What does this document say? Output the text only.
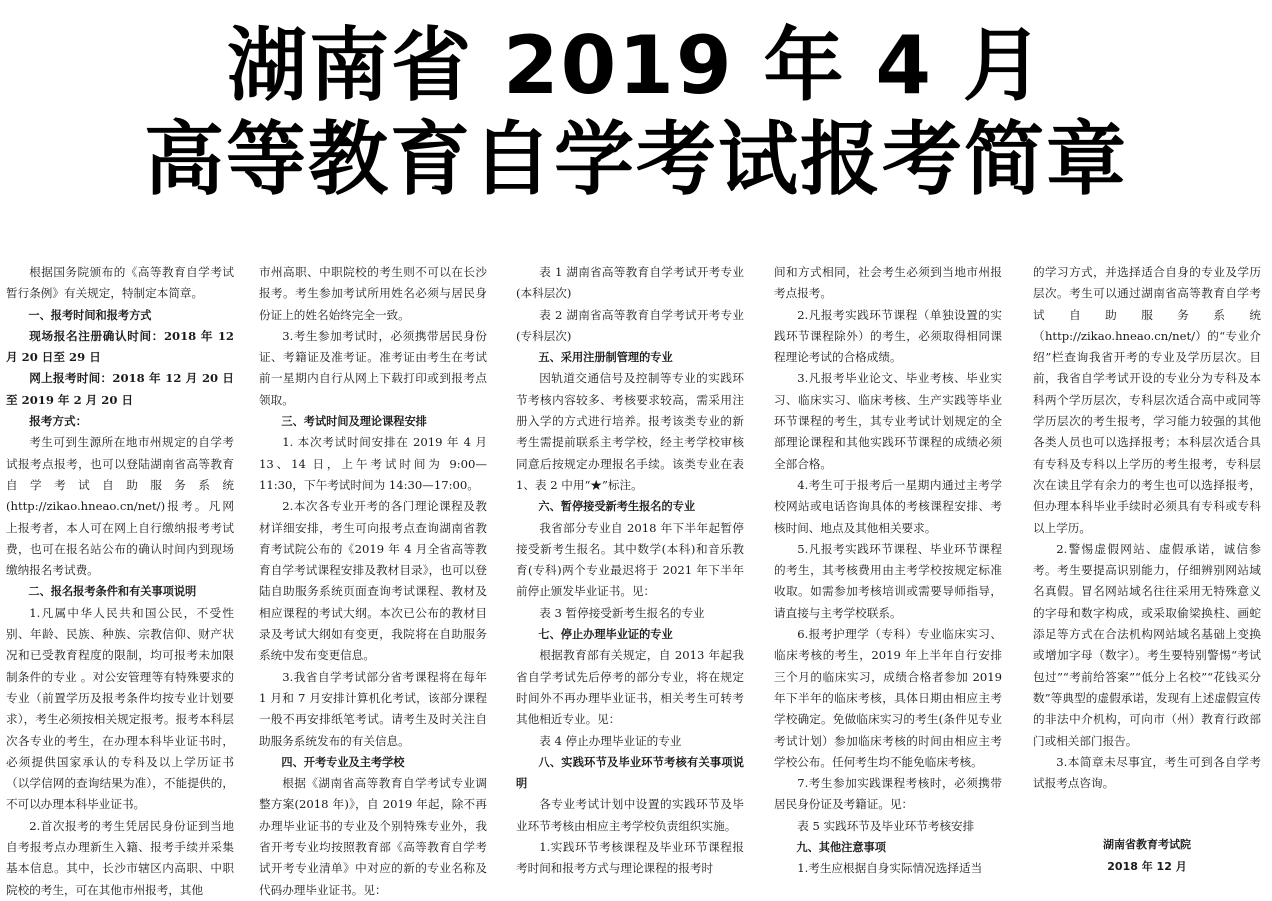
湖南省 2019 年 4 月
高等教育自学考试报考简章

根据国务院颁布的《高等教育自学考试暂行条例》有关规定，特制定本简章。

一、报考时间和报考方式

现场报名注册确认时间：2018 年 12 月 20 日至 29 日

网上报考时间：2018 年 12 月 20 日至 2019 年 2 月 20 日

报考方式：

考生可到生源所在地市州规定的自学考试报考点报考，也可以登陆湖南省高等教育自学考试自助服务系统(http://zikao.hneao.cn/net/)报考。凡网上报考者，本人可在网上自行缴纳报考考试费，也可在报名站公布的确认时间内到现场缴纳报名考试费。

二、报名报考条件和有关事项说明

1.凡属中华人民共和国公民，不受性别、年龄、民族、种族、宗教信仰、财产状况和已受教育程度的限制，均可报考未加限制条件的专业 。对公安管理等有特殊要求的专业（前置学历及报考条件均按专业计划要求），考生必须按相关规定报考。报考本科层次各专业的考生，在办理本科毕业证书时，必须提供国家承认的专科及以上学历证书（以学信网的查询结果为准），不能提供的，不可以办理本科毕业证书。

2.首次报考的考生凭居民身份证到当地自考报考点办理新生入籍、报考手续并采集基本信息。其中，长沙市辖区内高职、中职院校的考生，可在其他市州报考，其他

市州高职、中职院校的考生则不可以在长沙报考。考生参加考试所用姓名必须与居民身份证上的姓名始终完全一致。

3.考生参加考试时，必须携带居民身份证、考籍证及准考证。准考证由考生在考试前一星期内自行从网上下载打印或到报考点领取。

三、考试时间及理论课程安排

1. 本次考试时间安排在 2019 年 4 月 13、14 日，上午考试时间为 9:00—11:30，下午考试时间为 14:30—17:00。

2.本次各专业开考的各门理论课程及教材详细安排，考生可向报考点查询湖南省教育考试院公布的《2019 年 4 月全省高等教育自学考试课程安排及教材目录》，也可以登陆自助服务系统页面查询考试课程、教材及相应课程的考试大纲。本次已公布的教材目录及考试大纲如有变更，我院将在自助服务系统中发布变更信息。

3.我省自学考试部分省考课程将在每年 1 月和 7 月安排计算机化考试，该部分课程一般不再安排纸笔考试。请考生及时关注自助服务系统发布的有关信息。

四、开考专业及主考学校

根据《湖南省高等教育自学考试专业调整方案(2018 年)》，自 2019 年起，除不再办理毕业证书的专业及个别特殊专业外，我省开考专业均按照教育部《高等教育自学考试开考专业清单》中对应的新的专业名称及代码办理毕业证书。见：

表 1 湖南省高等教育自学考试开考专业(本科层次)

表 2 湖南省高等教育自学考试开考专业(专科层次)

五、采用注册制管理的专业

因轨道交通信号及控制等专业的实践环节考核内容较多、考核要求较高，需采用注册入学的方式进行培养。报考该类专业的新考生需提前联系主考学校，经主考学校审核同意后按规定办理报名手续。该类专业在表 1、表 2 中用“★”标注。

六、暂停接受新考生报名的专业

我省部分专业自 2018 年下半年起暂停接受新考生报名。其中数学(本科)和音乐教育(专科)两个专业最迟将于 2021 年下半年前停止颁发毕业证书。见：

表 3 暂停接受新考生报名的专业

七、停止办理毕业证的专业

根据教育部有关规定，自 2013 年起我省自学考试先后停考的部分专业，将在规定时间外不再办理毕业证书，相关考生可转考其他相近专业。见：

表 4 停止办理毕业证的专业

八、实践环节及毕业环节考核有关事项说明

各专业考试计划中设置的实践环节及毕业环节考核由相应主考学校负责组织实施。

1.实践环节考核课程及毕业环节课程报考时间和报考方式与理论课程的报考时

间和方式相同，社会考生必须到当地市州报考点报考。

2.凡报考实践环节课程（单独设置的实践环节课程除外）的考生，必须取得相同课程理论考试的合格成绩。

3.凡报考毕业论文、毕业考核、毕业实习、临床实习、临床考核、生产实践等毕业环节课程的考生，其专业考试计划规定的全部理论课程和其他实践环节课程的成绩必须全部合格。

4.考生可于报考后一星期内通过主考学校网站或电话咨询具体的考核课程安排、考核时间、地点及其他相关要求。

5.凡报考实践环节课程、毕业环节课程的考生，其考核费用由主考学校按规定标准收取。如需参加考核培训或需要导师指导，请直接与主考学校联系。

6.报考护理学（专科）专业临床实习、临床考核的考生，2019 年上半年自行安排三个月的临床实习，成绩合格者参加 2019 年下半年的临床考核，具体日期由相应主考学校确定。免做临床实习的考生(条件见专业考试计划）参加临床考核的时间由相应主考学校公布。任何考生均不能免临床考核。

7.考生参加实践课程考核时，必须携带居民身份证及考籍证。见：

表 5 实践环节及毕业环节考核安排

九、其他注意事项

1.考生应根据自身实际情况选择适当

的学习方式，并选择适合自身的专业及学历层次。考生可以通过湖南省高等教育自学考试自助服务系统（http://zikao.hneao.cn/net/）的“专业介绍”栏查询我省开考的专业及学历层次。目前，我省自学考试开设的专业分为专科及本科两个学历层次，专科层次适合高中或同等学历层次的考生报考，学习能力较强的其他各类人员也可以选择报考；本科层次适合具有专科及专科以上学历的考生报考，专科层次在读且学有余力的考生也可以选择报考，但办理本科毕业手续时必须具有专科或专科以上学历。

2.警惕虚假网站、虚假承诺，诚信参考。考生要提高识别能力，仔细辨别网站域名真假。冒名网站域名往往采用无特殊意义的字母和数字构成，或采取偷梁换柱、画蛇添足等方式在合法机构网站域名基础上变换或增加字母（数字）。考生要特别警惕“考试包过”“考前给答案”“低分上名校”“花钱买分数”等典型的虚假承诺，发现有上述虚假宣传的非法中介机构，可向市（州）教育行政部门或相关部门报告。

3.本简章未尽事宜，考生可到各自学考试报考点咨询。

湖南省教育考试院

2018 年 12 月
